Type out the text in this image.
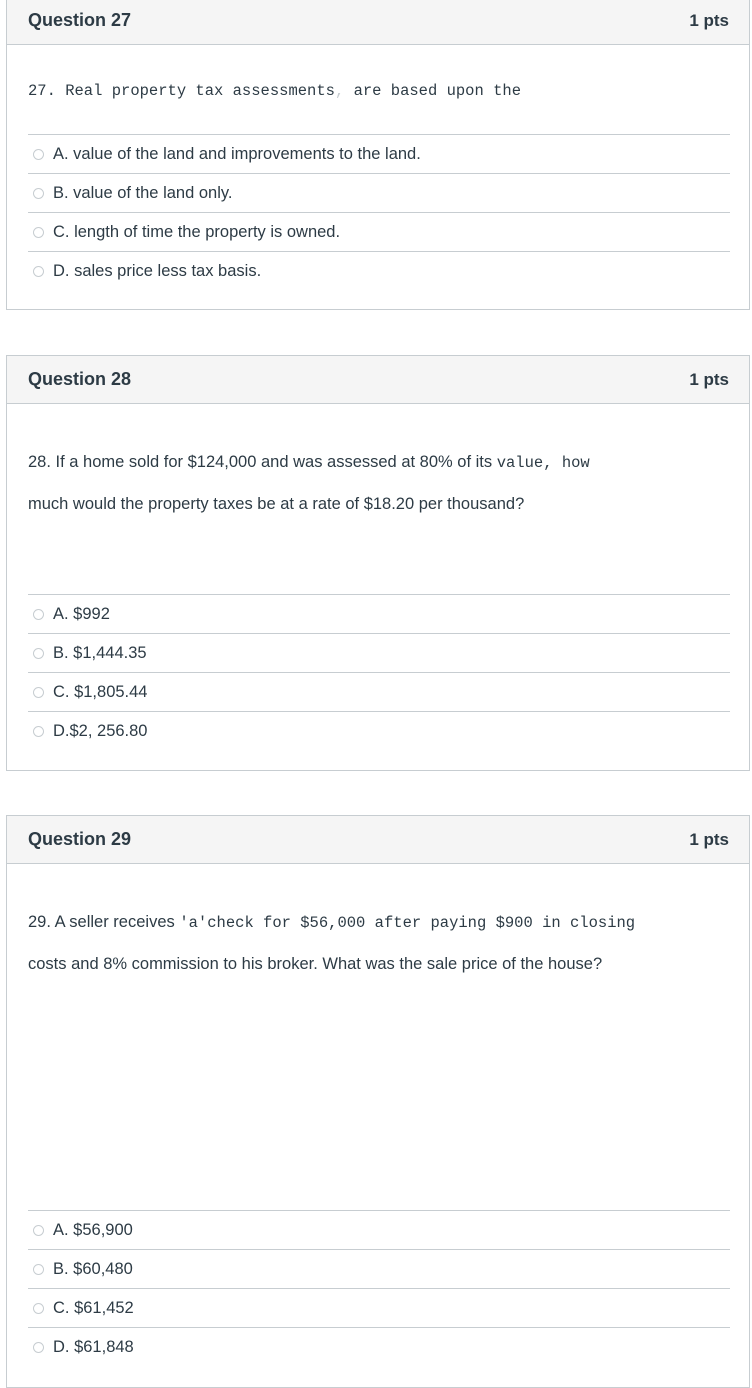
Question 27	1 pts
27. Real property tax assessments, are based upon the
A. value of the land and improvements to the land.
B. value of the land only.
C. length of time the property is owned.
D. sales price less tax basis.
Question 28	1 pts
28. If a home sold for $124,000 and was assessed at 80% of its value, how
much would the property taxes be at a rate of $18.20 per thousand?
A. $992
B. $1,444.35
C. $1,805.44
D.$2, 256.80
Question 29	1 pts
29. A seller receives 'a'check for $56,000 after paying $900 in closing
costs and 8% commission to his broker. What was the sale price of the house?
A. $56,900
B. $60,480
C. $61,452
D. $61,848
